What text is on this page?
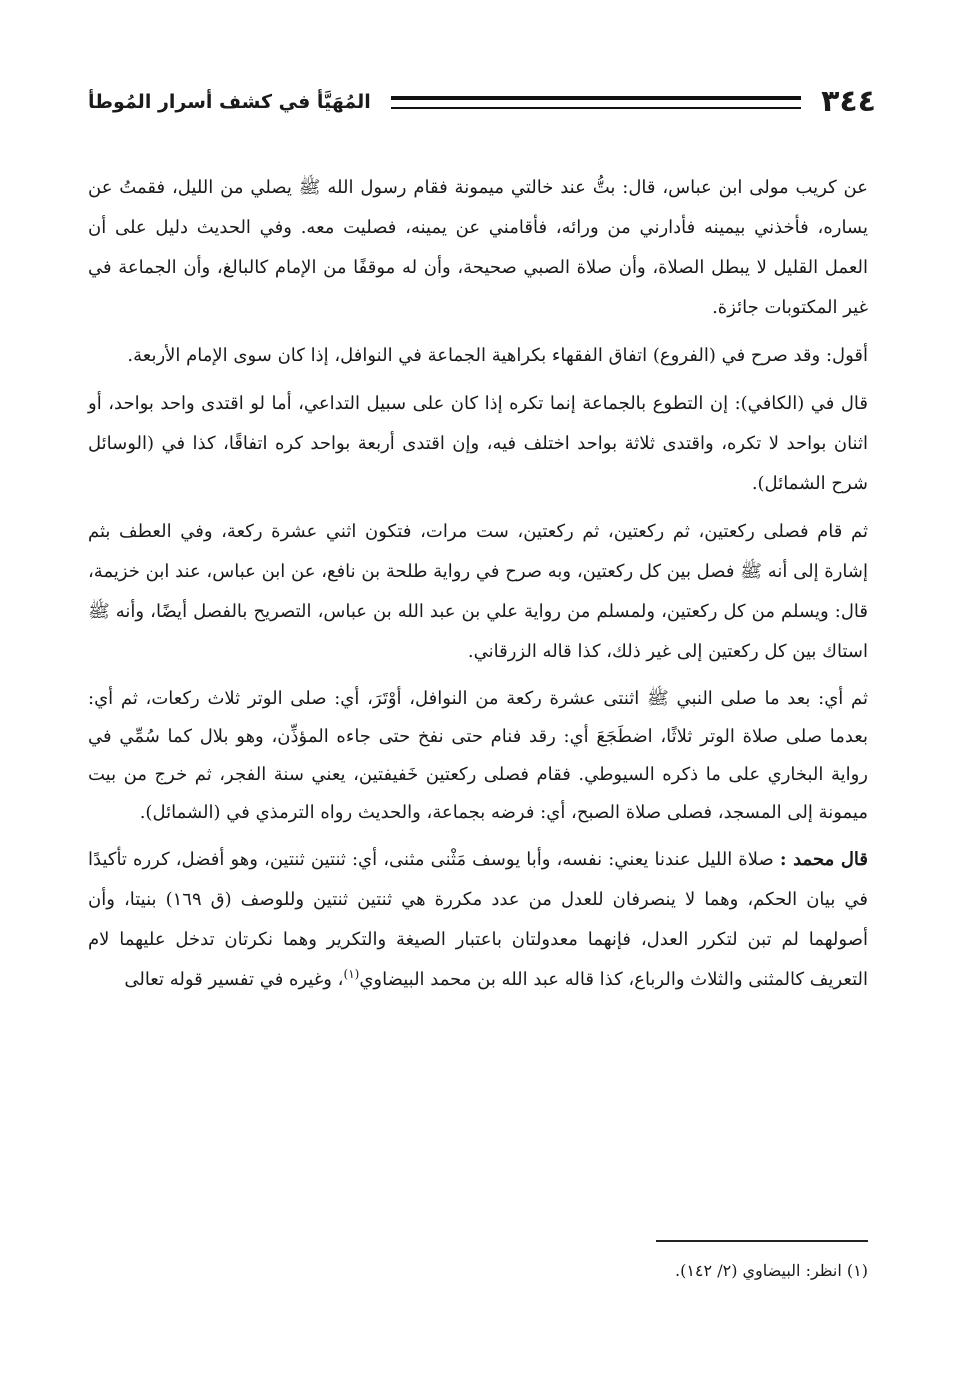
٣٤٤
المُهَيَّأ في كشف أسرار المُوطأ

عن كريب مولى ابن عباس، قال: بتُّ عند خالتي ميمونة فقام رسول الله ﷺ يصلي من الليل، فقمتُ عن يساره، فأخذني بيمينه فأدارني من ورائه، فأقامني عن يمينه، فصليت معه. وفي الحديث دليل على أن العمل القليل لا يبطل الصلاة، وأن صلاة الصبي صحيحة، وأن له موقفًا من الإمام كالبالغ، وأن الجماعة في غير المكتوبات جائزة.

أقول: وقد صرح في (الفروع) اتفاق الفقهاء بكراهية الجماعة في النوافل، إذا كان سوى الإمام الأربعة.

قال في (الكافي): إن التطوع بالجماعة إنما تكره إذا كان على سبيل التداعي، أما لو اقتدى واحد بواحد، أو اثنان بواحد لا تكره، واقتدى ثلاثة بواحد اختلف فيه، وإن اقتدى أربعة بواحد كره اتفاقًا، كذا في (الوسائل شرح الشمائل).

ثم قام فصلى ركعتين، ثم ركعتين، ثم ركعتين، ست مرات، فتكون اثني عشرة ركعة، وفي العطف بثم إشارة إلى أنه ﷺ فصل بين كل ركعتين، وبه صرح في رواية طلحة بن نافع، عن ابن عباس، عند ابن خزيمة، قال: ويسلم من كل ركعتين، ولمسلم من رواية علي بن عبد الله بن عباس، التصريح بالفصل أيضًا، وأنه ﷺ استاك بين كل ركعتين إلى غير ذلك، كذا قاله الزرقاني.

ثم أي: بعد ما صلى النبي ﷺ اثنتى عشرة ركعة من النوافل، أوْتَرَ، أي: صلى الوتر ثلاث ركعات، ثم أي: بعدما صلى صلاة الوتر ثلاثًا، اضطَجَعَ أي: رقد فنام حتى نفخ حتى جاءه المؤذِّن، وهو بلال كما سُمِّي في رواية البخاري على ما ذكره السيوطي. فقام فصلى ركعتين خَفيفتين، يعني سنة الفجر، ثم خرج من بيت ميمونة إلى المسجد، فصلى صلاة الصبح، أي: فرضه بجماعة، والحديث رواه الترمذي في (الشمائل).

قال محمد : صلاة الليل عندنا يعني: نفسه، وأبا يوسف مَثْنى مثنى، أي: ثنتين ثنتين، وهو أفضل، كرره تأكيدًا في بيان الحكم، وهما لا ينصرفان للعدل من عدد مكررة هي ثنتين ثنتين وللوصف (ق ١٦٩) بنيتا، وأن أصولهما لم تبن لتكرر العدل، فإنهما معدولتان باعتبار الصيغة والتكرير وهما نكرتان تدخل عليهما لام التعريف كالمثنى والثلاث والرباع، كذا قاله عبد الله بن محمد البيضاوي$^{(١)}$، وغيره في تفسير قوله تعالى

(١) انظر: البيضاوي (٢/ ١٤٢).
